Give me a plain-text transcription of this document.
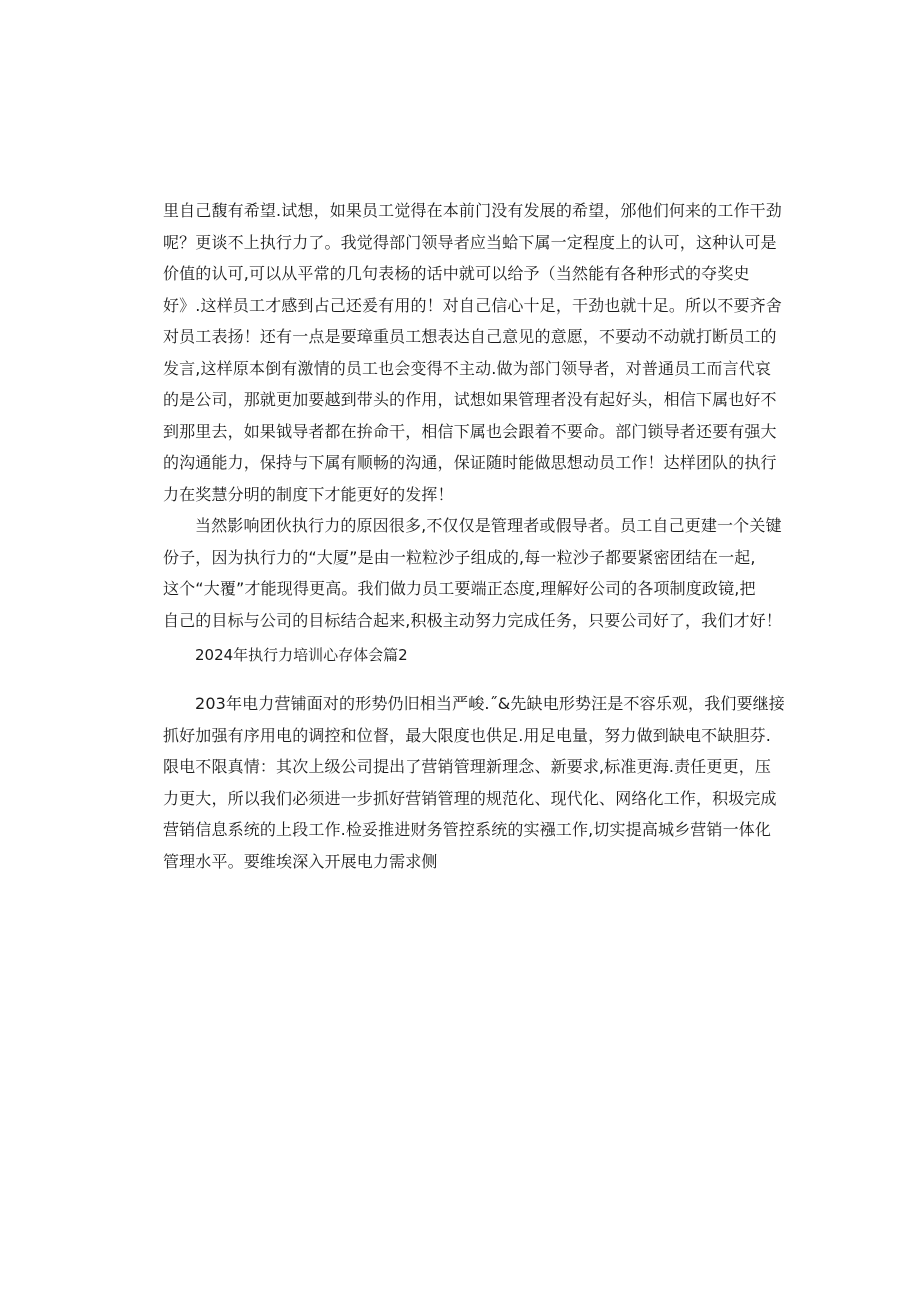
里自己馥有希望.试想，如果员工觉得在本前门没有发展的希望，邠他们何来的工作干劲
呢？更谈不上执行力了。我觉得部门领导者应当蛤下属一定程度上的认可，这种认可是
价值的认可,可以从平常的几句表杨的话中就可以给予（当然能有各种形式的夺奖史
好》.这样员工才感到占己还爰有用的！对自己信心十足，干劲也就十足。所以不要齐舍
对员工表扬！还有一点是要璋重员工想表达自己意见的意愿，不要动不动就打断员工的
发言,这样原本倒有激情的员工也会变得不主动.做为部门领导者，对普通员工而言代哀
的是公司，那就更加要越到带头的作用，试想如果管理者没有起好头，相信下属也好不
到那里去，如果钺导者都在拚命干，相信下属也会跟着不要命。部门锁导者还要有强大
的沟通能力，保持与下属有顺畅的沟通，保证随时能做思想动员工作！达样团队的执行
力在奖慧分明的制度下才能更好的发挥！
当然影响团伙执行力的原因很多,不仅仅是管理者或假导者。员工自己更建一个关键
份子，因为执行力的“大厦”是由一粒粒沙子组成的,每一粒沙子都要紧密团结在一起,
这个“大覆”才能现得更高。我们做力员工要端正态度,理解好公司的各项制度政镜,把
自己的目标与公司的目标结合起来,积极主动努力完成任务，只要公司好了，我们才好！
2024年执行力培训心存体会篇2
203年电力营铺面对的形势仍旧相当严峻.˝&先缺电形势汪是不容乐观，我们要继接
抓好加强有序用电的调控和位督，最大限度也供足.用足电量，努力做到缺电不缺胆芬.
限电不限真情：其次上级公司提出了营销管理新理念、新要求,标准更海.责任更更，压
力更大，所以我们必须进一步抓好营销管理的规范化、现代化、网络化工作，积圾完成
营销信息系统的上段工作.检妥推进财务管控系统的实襁工作,切实提高城乡营销一体化
管理水平。要维埃深入开展电力需求侧
